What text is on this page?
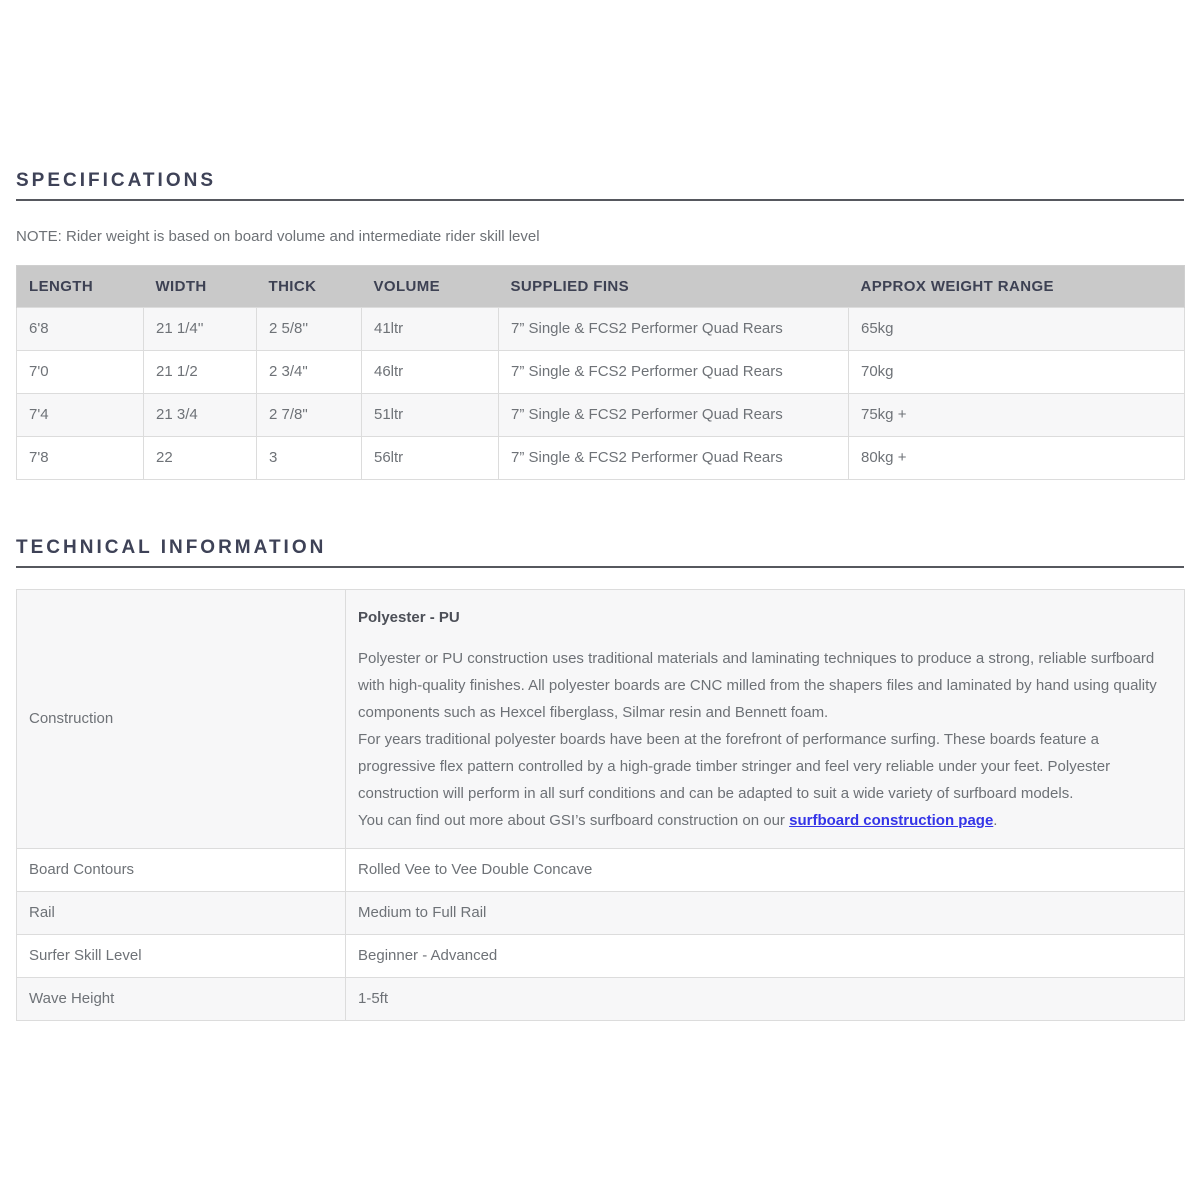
SPECIFICATIONS

NOTE: Rider weight is based on board volume and intermediate rider skill level

LENGTH	WIDTH	THICK	VOLUME	SUPPLIED FINS	APPROX WEIGHT RANGE
6'8	21 1/4''	2 5/8''	41ltr	7” Single & FCS2 Performer Quad Rears	65kg
7'0	21 1/2	2 3/4"	46ltr	7” Single & FCS2 Performer Quad Rears	70kg
7'4	21 3/4	2 7/8"	51ltr	7” Single & FCS2 Performer Quad Rears	75kg +
7'8	22	3	56ltr	7” Single & FCS2 Performer Quad Rears	80kg +
TECHNICAL INFORMATION
Construction	Polyester - PU
Polyester or PU construction uses traditional materials and laminating techniques to produce a strong, reliable surfboard with high-quality finishes. All polyester boards are CNC milled from the shapers files and laminated by hand using quality components such as Hexcel fiberglass, Silmar resin and Bennett foam.
For years traditional polyester boards have been at the forefront of performance surfing. These boards feature a progressive flex pattern controlled by a high-grade timber stringer and feel very reliable under your feet. Polyester construction will perform in all surf conditions and can be adapted to suit a wide variety of surfboard models.
You can find out more about GSI’s surfboard construction on our surfboard construction page.

Board Contours	Rolled Vee to Vee Double Concave
Rail	Medium to Full Rail
Surfer Skill Level	Beginner - Advanced
Wave Height	1-5ft
